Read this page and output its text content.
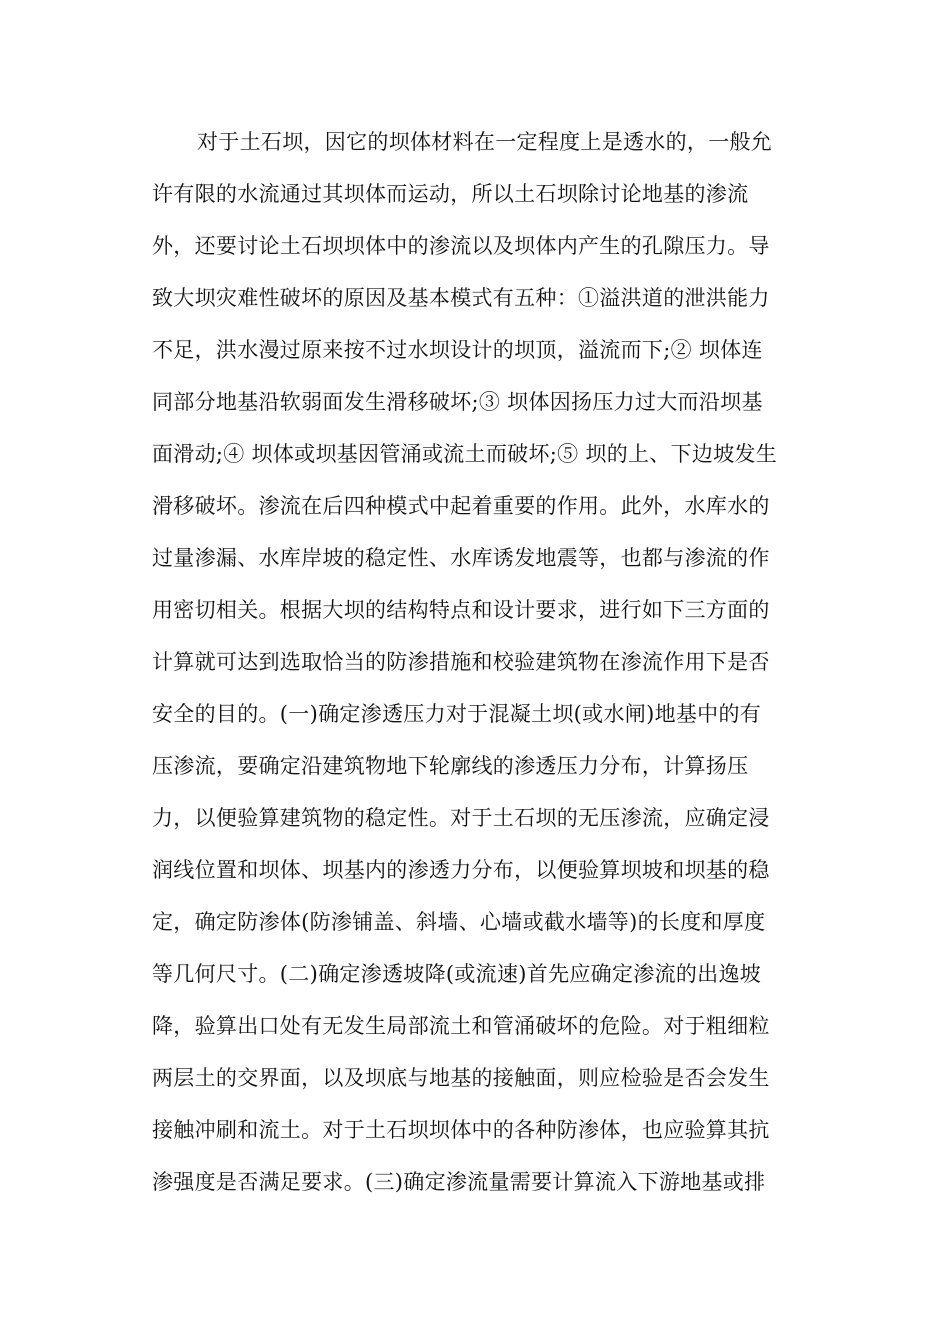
对于土石坝，因它的坝体材料在一定程度上是透水的，一般允
许有限的水流通过其坝体而运动，所以土石坝除讨论地基的渗流
外，还要讨论土石坝坝体中的渗流以及坝体内产生的孔隙压力。导
致大坝灾难性破坏的原因及基本模式有五种：①溢洪道的泄洪能力
不足，洪水漫过原来按不过水坝设计的坝顶，溢流而下;② 坝体连
同部分地基沿软弱面发生滑移破坏;③ 坝体因扬压力过大而沿坝基
面滑动;④ 坝体或坝基因管涌或流土而破坏;⑤ 坝的上、下边坡发生
滑移破坏。渗流在后四种模式中起着重要的作用。此外，水库水的
过量渗漏、水库岸坡的稳定性、水库诱发地震等，也都与渗流的作
用密切相关。根据大坝的结构特点和设计要求，进行如下三方面的
计算就可达到选取恰当的防渗措施和校验建筑物在渗流作用下是否
安全的目的。(一)确定渗透压力对于混凝土坝(或水闸)地基中的有
压渗流，要确定沿建筑物地下轮廓线的渗透压力分布，计算扬压
力，以便验算建筑物的稳定性。对于土石坝的无压渗流，应确定浸
润线位置和坝体、坝基内的渗透力分布，以便验算坝坡和坝基的稳
定，确定防渗体(防渗铺盖、斜墙、心墙或截水墙等)的长度和厚度
等几何尺寸。(二)确定渗透坡降(或流速)首先应确定渗流的出逸坡
降，验算出口处有无发生局部流土和管涌破坏的危险。对于粗细粒
两层土的交界面，以及坝底与地基的接触面，则应检验是否会发生
接触冲刷和流土。对于土石坝坝体中的各种防渗体，也应验算其抗
渗强度是否满足要求。(三)确定渗流量需要计算流入下游地基或排
